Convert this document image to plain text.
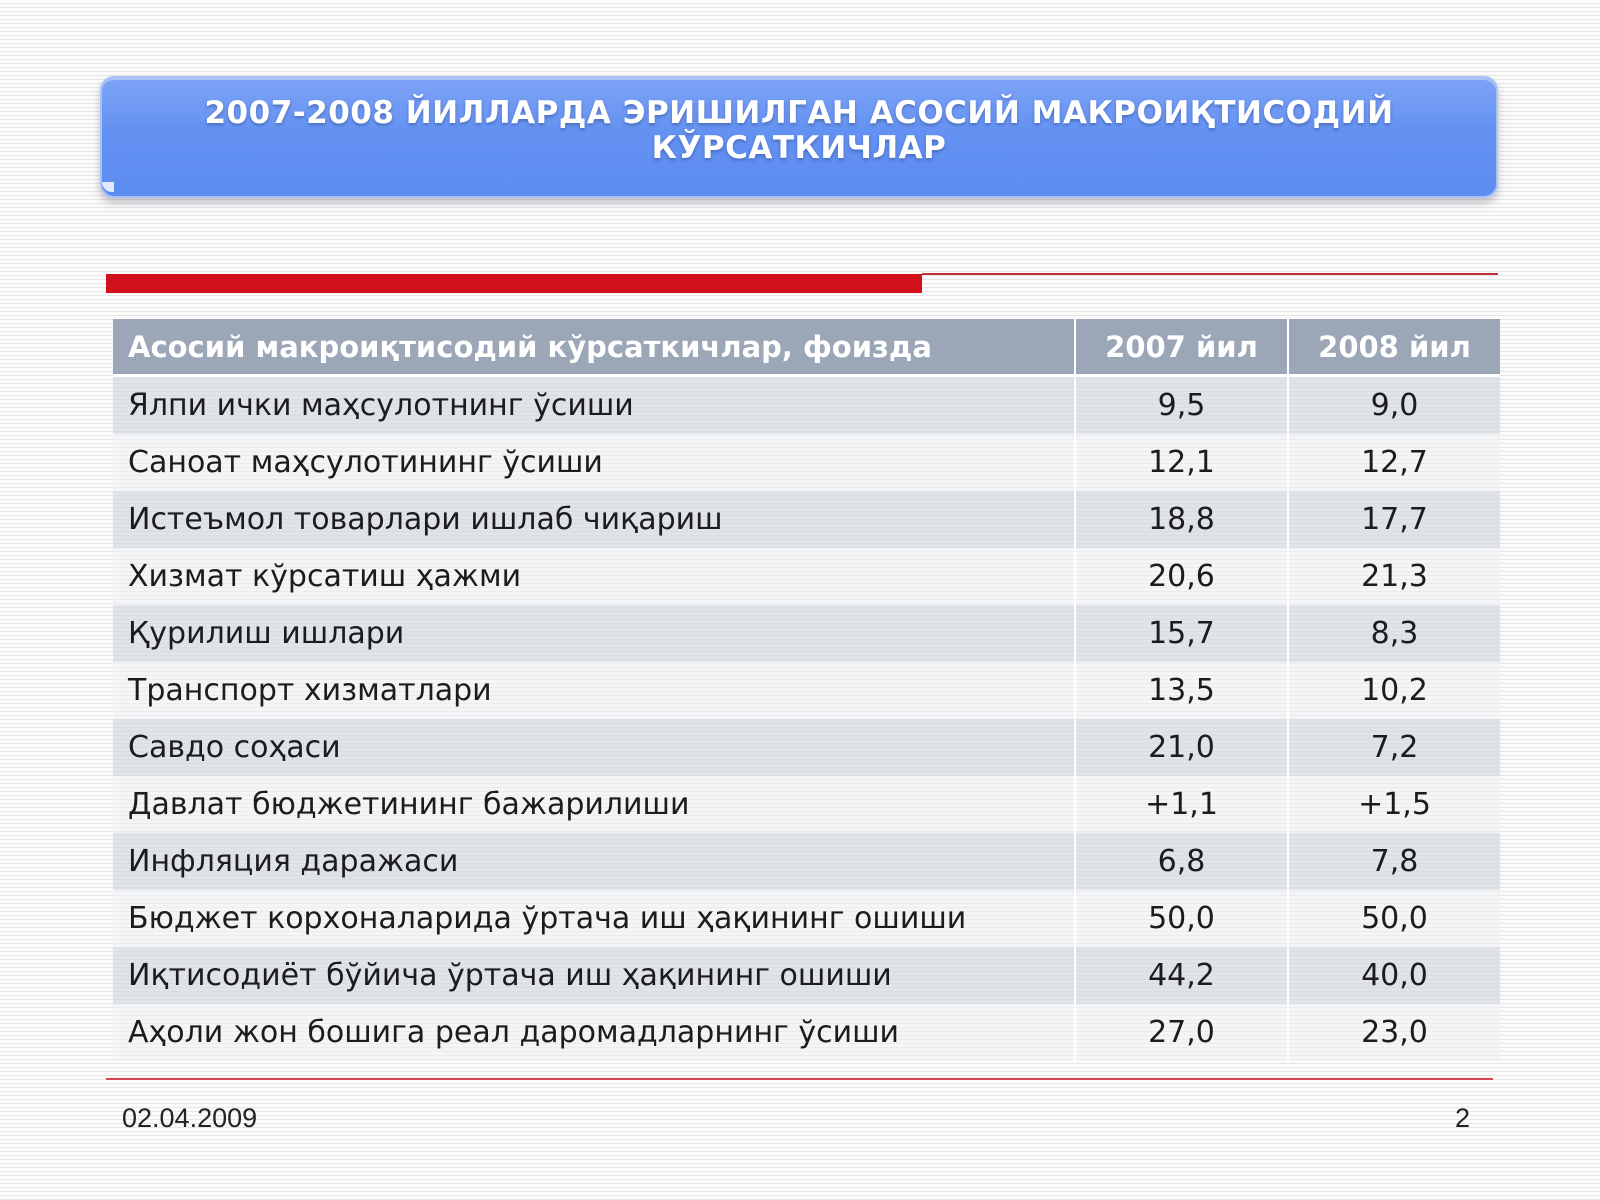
2007-2008 ЙИЛЛАРДА ЭРИШИЛГАН АСОСИЙ МАКРОИҚТИСОДИЙ
КЎРСАТКИЧЛАР
Асосий макроиқтисодий кўрсаткичлар, фоизда	2007 йил	2008 йил
Ялпи ички маҳсулотнинг ўсиши	9,5	9,0
Саноат маҳсулотининг ўсиши	12,1	12,7
Истеъмол товарлари ишлаб чиқариш	18,8	17,7
Хизмат кўрсатиш ҳажми	20,6	21,3
Қурилиш ишлари	15,7	8,3
Транспорт хизматлари	13,5	10,2
Савдо соҳаси	21,0	7,2
Давлат бюджетининг бажарилиши	+1,1	+1,5
Инфляция даражаси	6,8	7,8
Бюджет корхоналарида ўртача иш ҳақининг ошиши	50,0	50,0
Иқтисодиёт бўйича ўртача иш ҳақининг ошиши	44,2	40,0
Аҳоли жон бошига реал даромадларнинг ўсиши	27,0	23,0
02.04.2009	2
